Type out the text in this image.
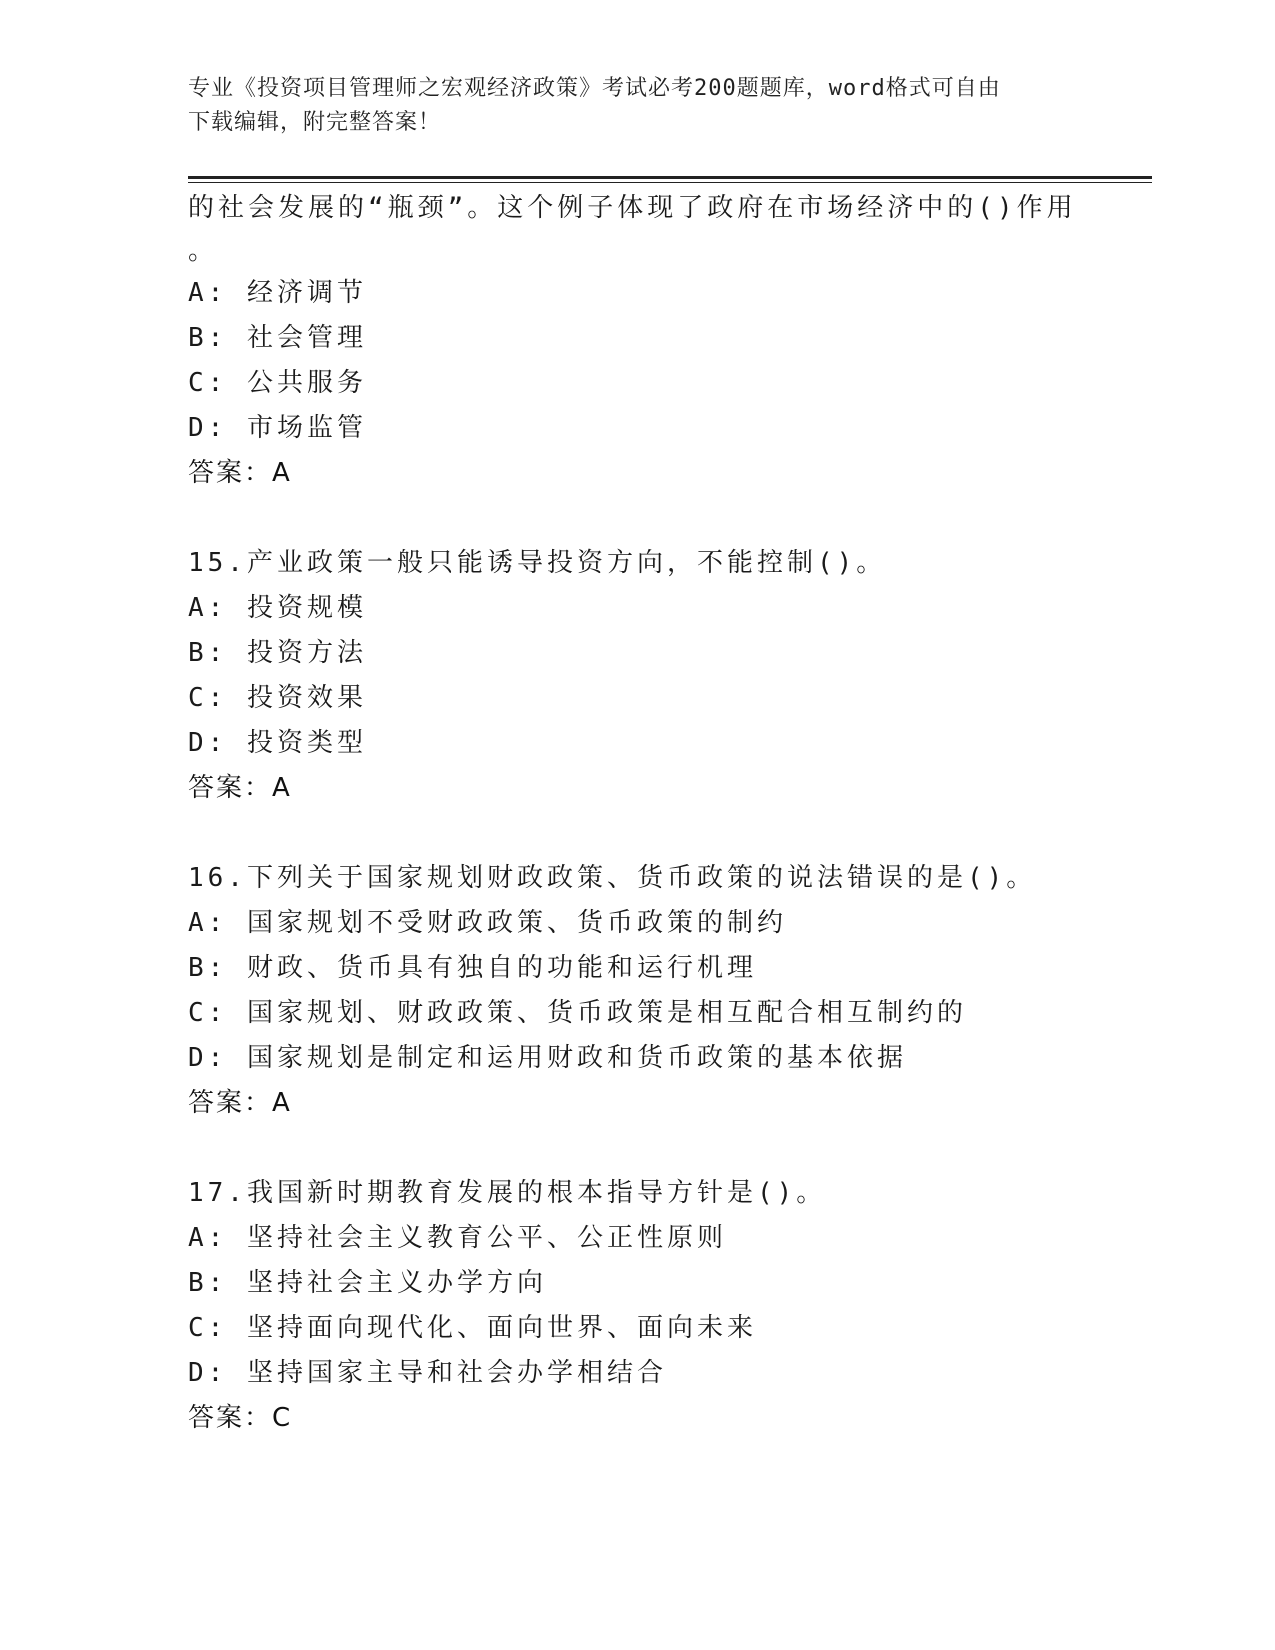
专业《投资项目管理师之宏观经济政策》考试必考200题题库，word格式可自由
下载编辑，附完整答案！
的社会发展的“瓶颈”。这个例子体现了政府在市场经济中的()作用
。
A: 经济调节
B: 社会管理
C: 公共服务
D: 市场监管
答案：A
15.产业政策一般只能诱导投资方向，不能控制()。
A: 投资规模
B: 投资方法
C: 投资效果
D: 投资类型
答案：A
16.下列关于国家规划财政政策、货币政策的说法错误的是()。
A: 国家规划不受财政政策、货币政策的制约
B: 财政、货币具有独自的功能和运行机理
C: 国家规划、财政政策、货币政策是相互配合相互制约的
D: 国家规划是制定和运用财政和货币政策的基本依据
答案：A
17.我国新时期教育发展的根本指导方针是()。
A: 坚持社会主义教育公平、公正性原则
B: 坚持社会主义办学方向
C: 坚持面向现代化、面向世界、面向未来
D: 坚持国家主导和社会办学相结合
答案：C
